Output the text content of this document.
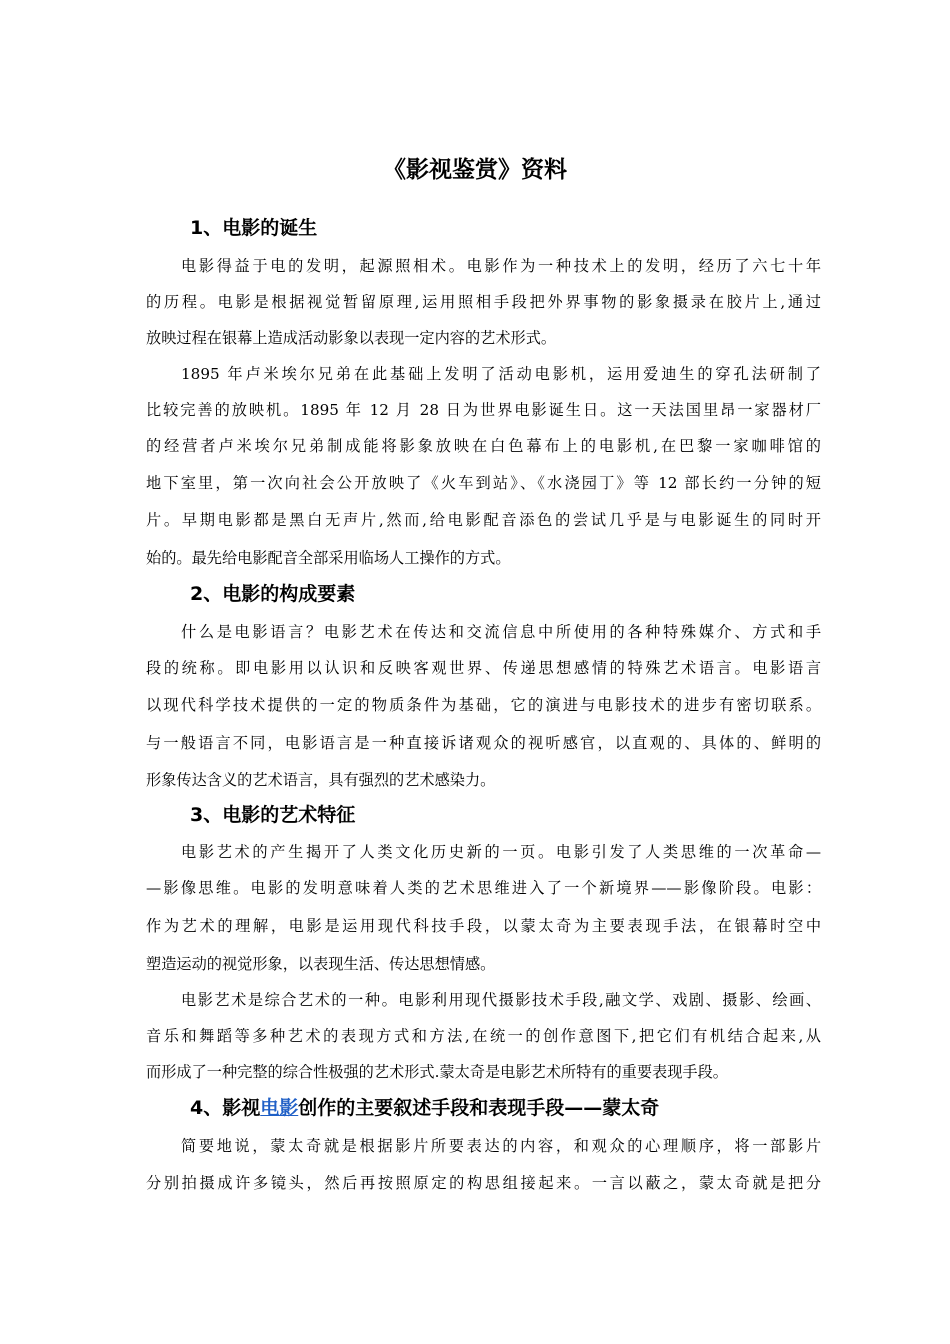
《影视鉴赏》资料
1、电影的诞生
电影得益于电的发明，起源照相术。电影作为一种技术上的发明，经历了六七十年
的历程。电影是根据视觉暂留原理,运用照相手段把外界事物的影象摄录在胶片上,通过
放映过程在银幕上造成活动影象以表现一定内容的艺术形式。
1895 年卢米埃尔兄弟在此基础上发明了活动电影机，运用爱迪生的穿孔法研制了
比较完善的放映机。1895 年 12 月 28 日为世界电影诞生日。这一天法国里昂一家器材厂
的经营者卢米埃尔兄弟制成能将影象放映在白色幕布上的电影机,在巴黎一家咖啡馆的
地下室里，第一次向社会公开放映了《火车到站》、《水浇园丁》等 12 部长约一分钟的短
片。早期电影都是黑白无声片,然而,给电影配音添色的尝试几乎是与电影诞生的同时开
始的。最先给电影配音全部采用临场人工操作的方式。
2、电影的构成要素
什么是电影语言？电影艺术在传达和交流信息中所使用的各种特殊媒介、方式和手
段的统称。即电影用以认识和反映客观世界、传递思想感情的特殊艺术语言。电影语言
以现代科学技术提供的一定的物质条件为基础，它的演进与电影技术的进步有密切联系。
与一般语言不同，电影语言是一种直接诉诸观众的视听感官，以直观的、具体的、鲜明的
形象传达含义的艺术语言，具有强烈的艺术感染力。
3、电影的艺术特征
电影艺术的产生揭开了人类文化历史新的一页。电影引发了人类思维的一次革命—
—影像思维。电影的发明意味着人类的艺术思维进入了一个新境界——影像阶段。电影：
作为艺术的理解，电影是运用现代科技手段，以蒙太奇为主要表现手法，在银幕时空中
塑造运动的视觉形象，以表现生活、传达思想情感。
电影艺术是综合艺术的一种。电影利用现代摄影技术手段,融文学、戏剧、摄影、绘画、
音乐和舞蹈等多种艺术的表现方式和方法,在统一的创作意图下,把它们有机结合起来,从
而形成了一种完整的综合性极强的艺术形式.蒙太奇是电影艺术所特有的重要表现手段。
4、影视电影创作的主要叙述手段和表现手段——蒙太奇
简要地说，蒙太奇就是根据影片所要表达的内容，和观众的心理顺序，将一部影片
分别拍摄成许多镜头，然后再按照原定的构思组接起来。一言以蔽之，蒙太奇就是把分
